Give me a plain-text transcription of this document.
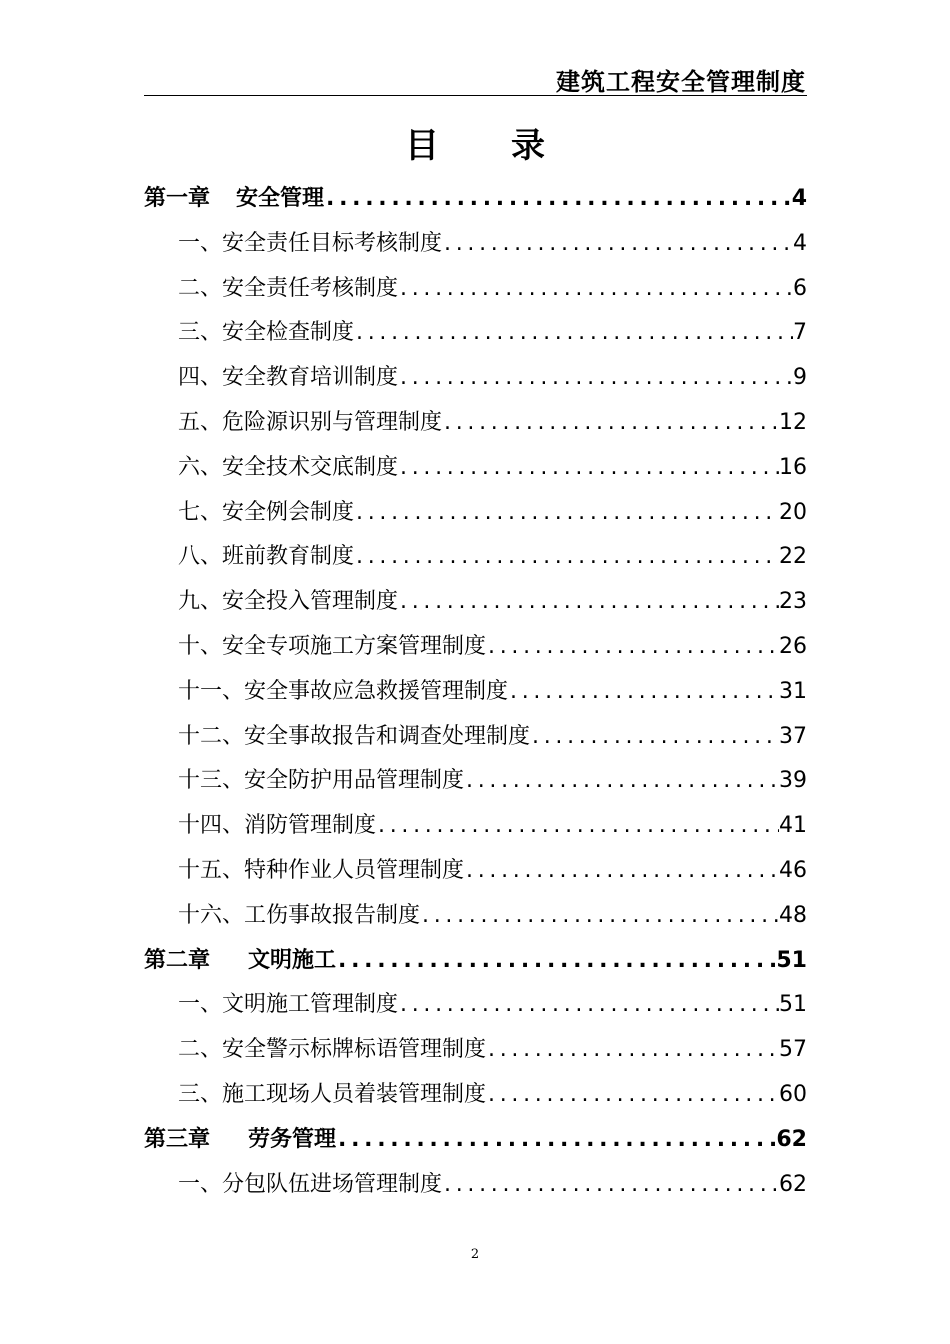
建筑工程安全管理制度
目 录
第一章	安全管理 .....	4
一、安全责任目标考核制度 .....	4
二、安全责任考核制度 .....	6
三、安全检查制度 .....	7
四、安全教育培训制度 .....	9
五、危险源识别与管理制度 .....	12
六、安全技术交底制度 .....	16
七、安全例会制度 .....	20
八、班前教育制度 .....	22
九、安全投入管理制度 .....	23
十、安全专项施工方案管理制度 .....	26
十一、安全事故应急救援管理制度 .....	31
十二、安全事故报告和调查处理制度 .....	37
十三、安全防护用品管理制度 .....	39
十四、消防管理制度 .....	41
十五、特种作业人员管理制度 .....	46
十六、工伤事故报告制度 .....	48
第二章	文明施工 .....	51
一、文明施工管理制度 .....	51
二、安全警示标牌标语管理制度 .....	57
三、施工现场人员着装管理制度 .....	60
第三章	劳务管理 .....	62
一、分包队伍进场管理制度 .....	62
2
